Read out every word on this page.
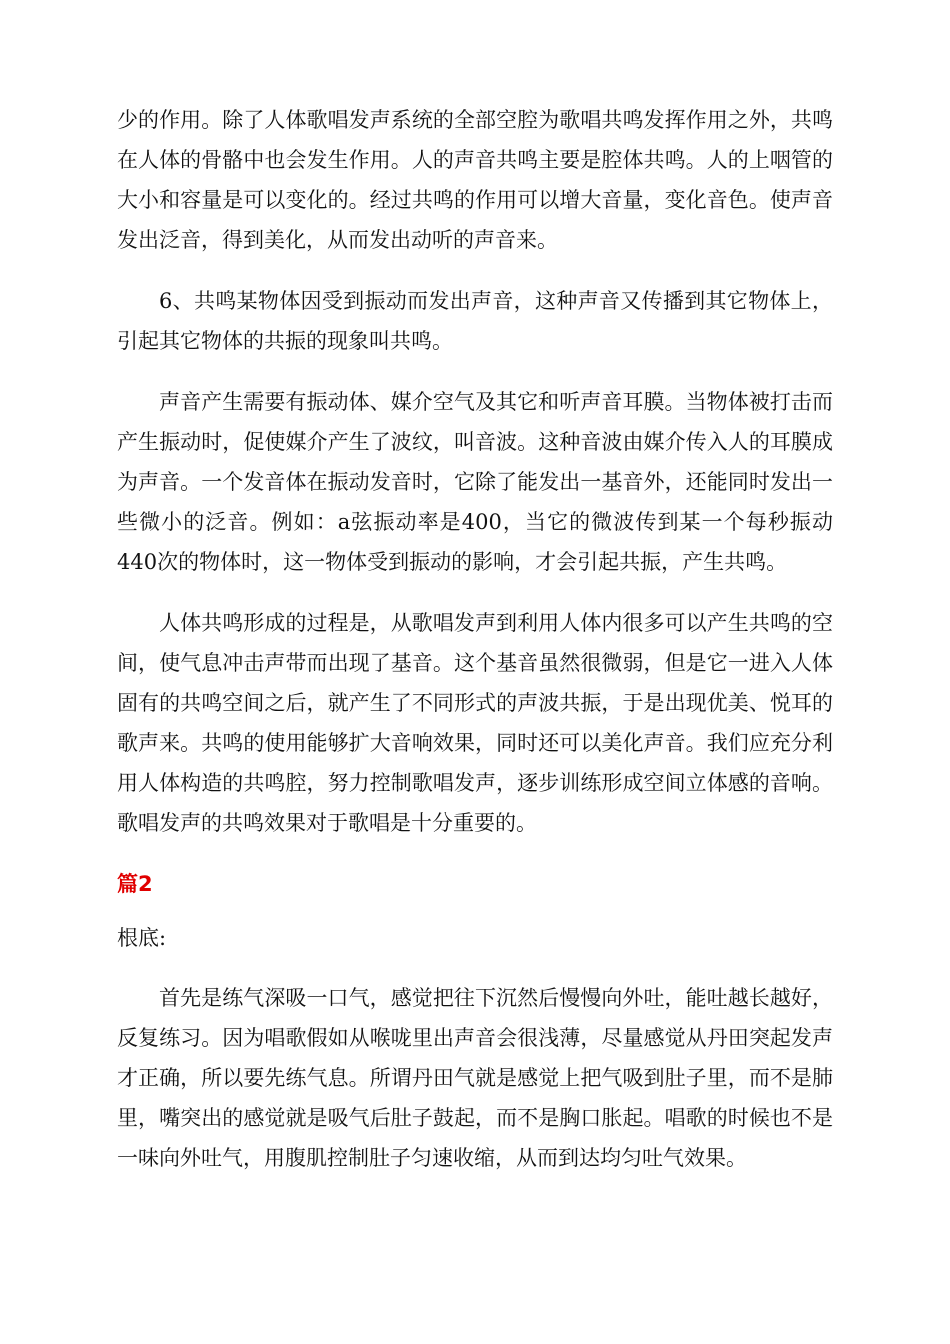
少的作用。除了人体歌唱发声系统的全部空腔为歌唱共鸣发挥作用之外，共鸣在人体的骨骼中也会发生作用。人的声音共鸣主要是腔体共鸣。人的上咽管的大小和容量是可以变化的。经过共鸣的作用可以增大音量，变化音色。使声音发出泛音，得到美化，从而发出动听的声音来。

6、共鸣某物体因受到振动而发出声音，这种声音又传播到其它物体上，引起其它物体的共振的现象叫共鸣。

声音产生需要有振动体、媒介空气及其它和听声音耳膜。当物体被打击而产生振动时，促使媒介产生了波纹，叫音波。这种音波由媒介传入人的耳膜成为声音。一个发音体在振动发音时，它除了能发出一基音外，还能同时发出一些微小的泛音。例如：a弦振动率是400，当它的微波传到某一个每秒振动440次的物体时，这一物体受到振动的影响，才会引起共振，产生共鸣。

人体共鸣形成的过程是，从歌唱发声到利用人体内很多可以产生共鸣的空间，使气息冲击声带而出现了基音。这个基音虽然很微弱，但是它一进入人体固有的共鸣空间之后，就产生了不同形式的声波共振，于是出现优美、悦耳的歌声来。共鸣的使用能够扩大音响效果，同时还可以美化声音。我们应充分利用人体构造的共鸣腔，努力控制歌唱发声，逐步训练形成空间立体感的音响。歌唱发声的共鸣效果对于歌唱是十分重要的。

篇2

根底:

首先是练气深吸一口气，感觉把往下沉然后慢慢向外吐，能吐越长越好，反复练习。因为唱歌假如从喉咙里出声音会很浅薄，尽量感觉从丹田突起发声才正确，所以要先练气息。所谓丹田气就是感觉上把气吸到肚子里，而不是肺里，嘴突出的感觉就是吸气后肚子鼓起，而不是胸口胀起。唱歌的时候也不是一味向外吐气，用腹肌控制肚子匀速收缩，从而到达均匀吐气效果。
